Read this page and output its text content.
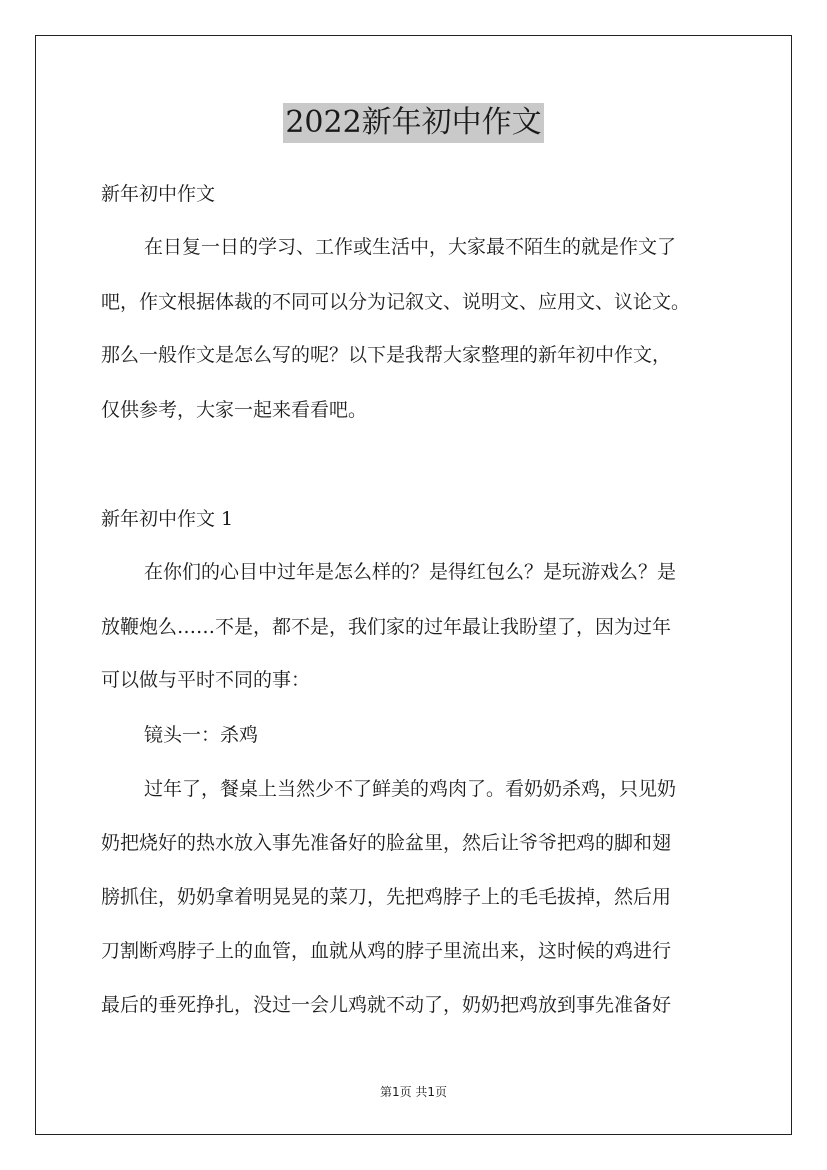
2022新年初中作文
新年初中作文
在日复一日的学习、工作或生活中，大家最不陌生的就是作文了
吧，作文根据体裁的不同可以分为记叙文、说明文、应用文、议论文。
那么一般作文是怎么写的呢？以下是我帮大家整理的新年初中作文，
仅供参考，大家一起来看看吧。
新年初中作文 1
在你们的心目中过年是怎么样的？是得红包么？是玩游戏么？是
放鞭炮么……不是，都不是，我们家的过年最让我盼望了，因为过年
可以做与平时不同的事：
镜头一：杀鸡
过年了，餐桌上当然少不了鲜美的鸡肉了。看奶奶杀鸡，只见奶
奶把烧好的热水放入事先准备好的脸盆里，然后让爷爷把鸡的脚和翅
膀抓住，奶奶拿着明晃晃的菜刀，先把鸡脖子上的毛毛拔掉，然后用
刀割断鸡脖子上的血管，血就从鸡的脖子里流出来，这时候的鸡进行
最后的垂死挣扎，没过一会儿鸡就不动了，奶奶把鸡放到事先准备好
第1页 共1页
